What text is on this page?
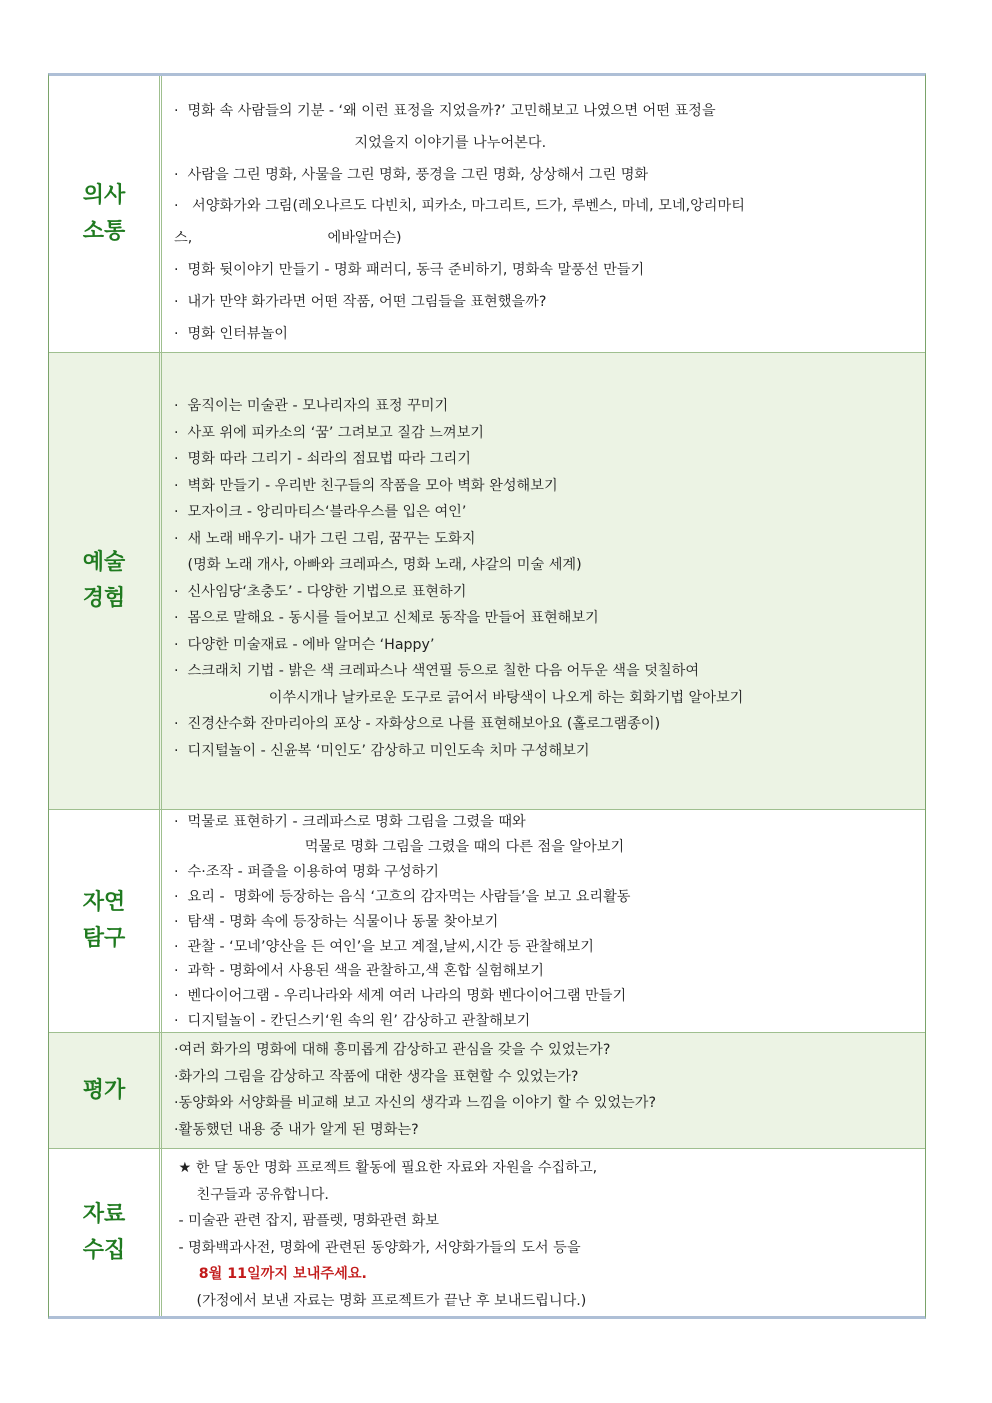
의사
소통
·  명화 속 사람들의 기분 - ‘왜 이런 표정을 지었을까?’ 고민해보고 나였으면 어떤 표정을
지었을지 이야기를 나누어본다.
·  사람을 그린 명화, 사물을 그린 명화, 풍경을 그린 명화, 상상해서 그린 명화
·   서양화가와 그림(레오나르도 다빈치, 피카소, 마그리트, 드가, 루벤스, 마네, 모네,앙리마티
스,                              에바알머슨)
·  명화 뒷이야기 만들기 - 명화 패러디, 동극 준비하기, 명화속 말풍선 만들기
·  내가 만약 화가라면 어떤 작품, 어떤 그림들을 표현했을까?
·  명화 인터뷰놀이
예술
경험
·  움직이는 미술관 - 모나리자의 표정 꾸미기
·  사포 위에 피카소의 ‘꿈’ 그려보고 질감 느껴보기
·  명화 따라 그리기 - 쇠라의 점묘법 따라 그리기
·  벽화 만들기 - 우리반 친구들의 작품을 모아 벽화 완성해보기
·  모자이크 - 앙리마티스‘블라우스를 입은 여인’
·  새 노래 배우기- 내가 그린 그림, 꿈꾸는 도화지
(명화 노래 개사, 아빠와 크레파스, 명화 노래, 샤갈의 미술 세계)
·  신사임당‘초충도’ - 다양한 기법으로 표현하기
·  몸으로 말해요 - 동시를 들어보고 신체로 동작을 만들어 표현해보기
·  다양한 미술재료 - 에바 알머슨 ‘Happy’
·  스크래치 기법 - 밝은 색 크레파스나 색연필 등으로 칠한 다음 어두운 색을 덧칠하여
이쑤시개나 날카로운 도구로 긁어서 바탕색이 나오게 하는 회화기법 알아보기
·  진경산수화 잔마리아의 포상 - 자화상으로 나를 표현해보아요 (홀로그램종이)
·  디지털놀이 - 신윤복 ‘미인도’ 감상하고 미인도속 치마 구성해보기
자연
탐구
·  먹물로 표현하기 - 크레파스로 명화 그림을 그렸을 때와
먹물로 명화 그림을 그렸을 때의 다른 점을 알아보기
·  수·조작 - 퍼즐을 이용하여 명화 구성하기
·  요리 -  명화에 등장하는 음식 ‘고흐의 감자먹는 사람들’을 보고 요리활동
·  탐색 - 명화 속에 등장하는 식물이나 동물 찾아보기
·  관찰 - ‘모네’양산을 든 여인’을 보고 계절,날씨,시간 등 관찰해보기
·  과학 - 명화에서 사용된 색을 관찰하고,색 혼합 실험해보기
·  벤다이어그램 - 우리나라와 세계 여러 나라의 명화 벤다이어그램 만들기
·  디지털놀이 - 칸딘스키‘원 속의 원’ 감상하고 관찰해보기
평가
·여러 화가의 명화에 대해 흥미롭게 감상하고 관심을 갖을 수 있었는가?
·화가의 그림을 감상하고 작품에 대한 생각을 표현할 수 있었는가?
·동양화와 서양화를 비교해 보고 자신의 생각과 느낌을 이야기 할 수 있었는가?
·활동했던 내용 중 내가 알게 된 명화는?
자료
수집
★ 한 달 동안 명화 프로젝트 활동에 필요한 자료와 자원을 수집하고,
친구들과 공유합니다.
- 미술관 관련 잡지, 팜플렛, 명화관련 화보
- 명화백과사전, 명화에 관련된 동양화가, 서양화가들의 도서 등을
8월 11일까지 보내주세요.
(가정에서 보낸 자료는 명화 프로젝트가 끝난 후 보내드립니다.)
